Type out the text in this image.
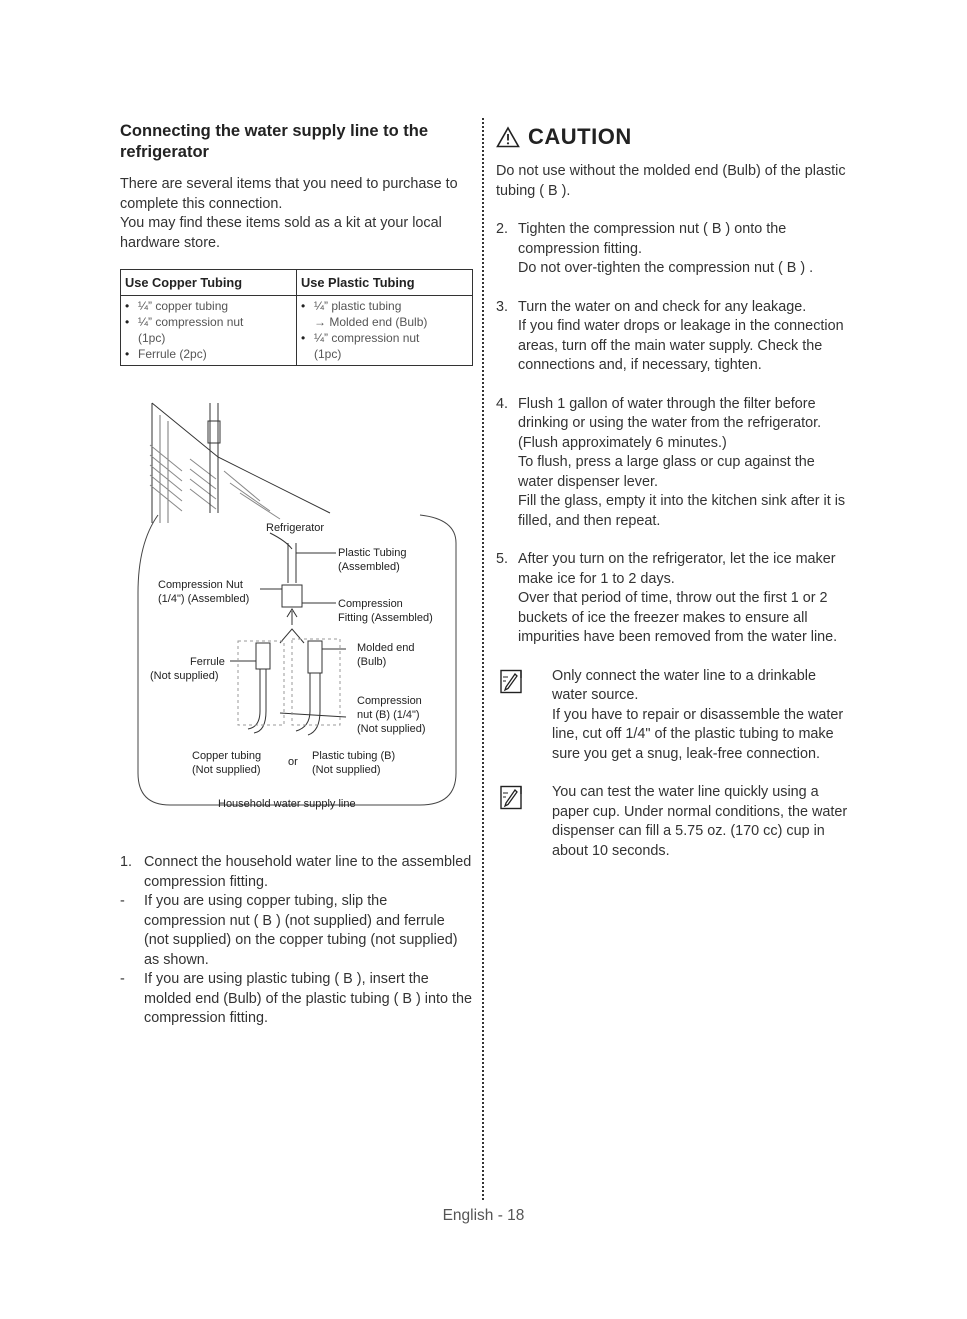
Connecting the water supply line to the refrigerator

There are several items that you need to purchase to complete this connection.

You may find these items sold as a kit at your local hardware store.

Use Copper Tubing	Use Plastic Tubing

• ¼” copper tubing
• ¼” compression nut
(1pc)
• Ferrule (2pc)	• ¼” plastic tubing
→ Molded end (Bulb)
• ¼” compression nut
(1pc)
Refrigerator
Plastic Tubing
(Assembled)
Compression Nut
(1/4") (Assembled)	Compression
Fitting (Assembled)
Molded end
(Bulb)
Ferrule
(Not supplied)
Compression
nut (B) (1/4")
(Not supplied)
Copper tubing
(Not supplied)
or Plastic tubing (B)
(Not supplied)
Household water supply line
1. Connect the household water line to the assembled compression fitting.
-	If you are using copper tubing, slip the compression nut ( B ) (not supplied) and ferrule (not supplied) on the copper tubing (not supplied) as shown.
-	If you are using plastic tubing ( B ), insert the molded end (Bulb) of the plastic tubing ( B ) into the compression fitting.
CAUTION

Do not use without the molded end (Bulb) of the plastic tubing ( B ).

2. Tighten the compression nut ( B ) onto the compression fitting.
Do not over-tighten the compression nut ( B ) .
3. Turn the water on and check for any leakage.
If you find water drops or leakage in the connection areas, turn off the main water supply. Check the connections and, if necessary, tighten.
4. Flush 1 gallon of water through the filter before drinking or using the water from the refrigerator. (Flush approximately 6 minutes.)
To flush, press a large glass or cup against the water dispenser lever.
Fill the glass, empty it into the kitchen sink after it is filled, and then repeat.
5. After you turn on the refrigerator, let the ice maker make ice for 1 to 2 days.
Over that period of time, throw out the first 1 or 2 buckets of ice the freezer makes to ensure all impurities have been removed from the water line.
Only connect the water line to a drinkable water source.
If you have to repair or disassemble the water line, cut off 1/4" of the plastic tubing to make sure you get a snug, leak-free connection.
You can test the water line quickly using a paper cup. Under normal conditions, the water dispenser can fill a 5.75 oz. (170 cc) cup in about 10 seconds.
English - 18
